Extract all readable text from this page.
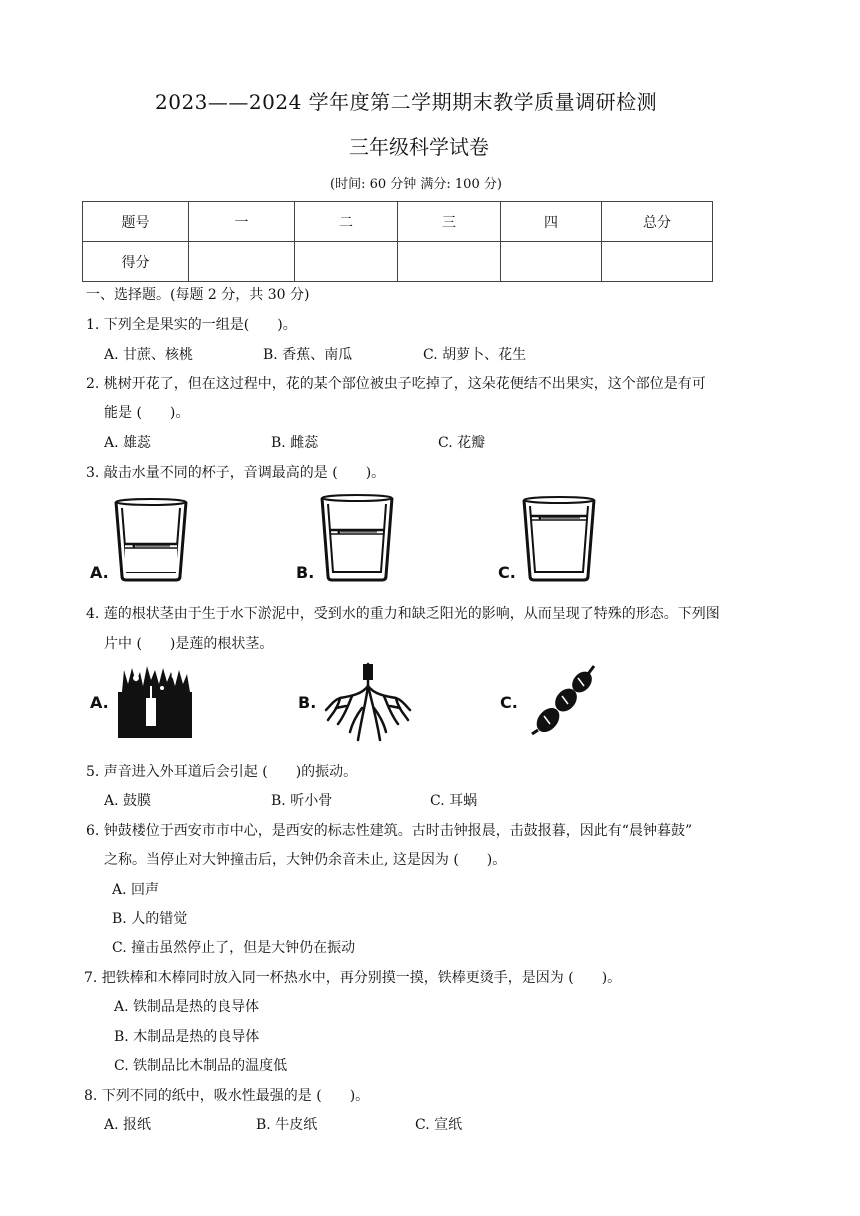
2023——2024 学年度第二学期期末教学质量调研检测
三年级科学试卷
(时间: 60 分钟 满分: 100 分)
题号	一	二	三	四	总分
得分					
一、选择题。(每题 2 分，共 30 分)
1. 下列全是果实的一组是(　　)。
A. 甘蔗、核桃	B. 香蕉、南瓜	C. 胡萝卜、花生
2. 桃树开花了，但在这过程中，花的某个部位被虫子吃掉了，这朵花便结不出果实，这个部位是有可
能是 (　　)。
A. 雄蕊	B. 雌蕊	C. 花瓣
3. 敲击水量不同的杯子，音调最高的是 (　　)。
A.	B.	C.
4. 莲的根状茎由于生于水下淤泥中，受到水的重力和缺乏阳光的影响，从而呈现了特殊的形态。下列图
片中 (　　)是莲的根状茎。
A.	B.	C.
5. 声音进入外耳道后会引起 (　　)的振动。
A. 鼓膜	B. 听小骨	C. 耳蜗
6. 钟鼓楼位于西安市市中心，是西安的标志性建筑。古时击钟报晨，击鼓报暮，因此有“晨钟暮鼓”
之称。当停止对大钟撞击后，大钟仍余音未止, 这是因为 (　　)。
A. 回声
B. 人的错觉
C. 撞击虽然停止了，但是大钟仍在振动
7. 把铁棒和木棒同时放入同一杯热水中，再分别摸一摸，铁棒更烫手，是因为 (　　)。
A. 铁制品是热的良导体
B. 木制品是热的良导体
C. 铁制品比木制品的温度低
8. 下列不同的纸中，吸水性最强的是 (　　)。
A. 报纸	B. 牛皮纸	C. 宣纸
